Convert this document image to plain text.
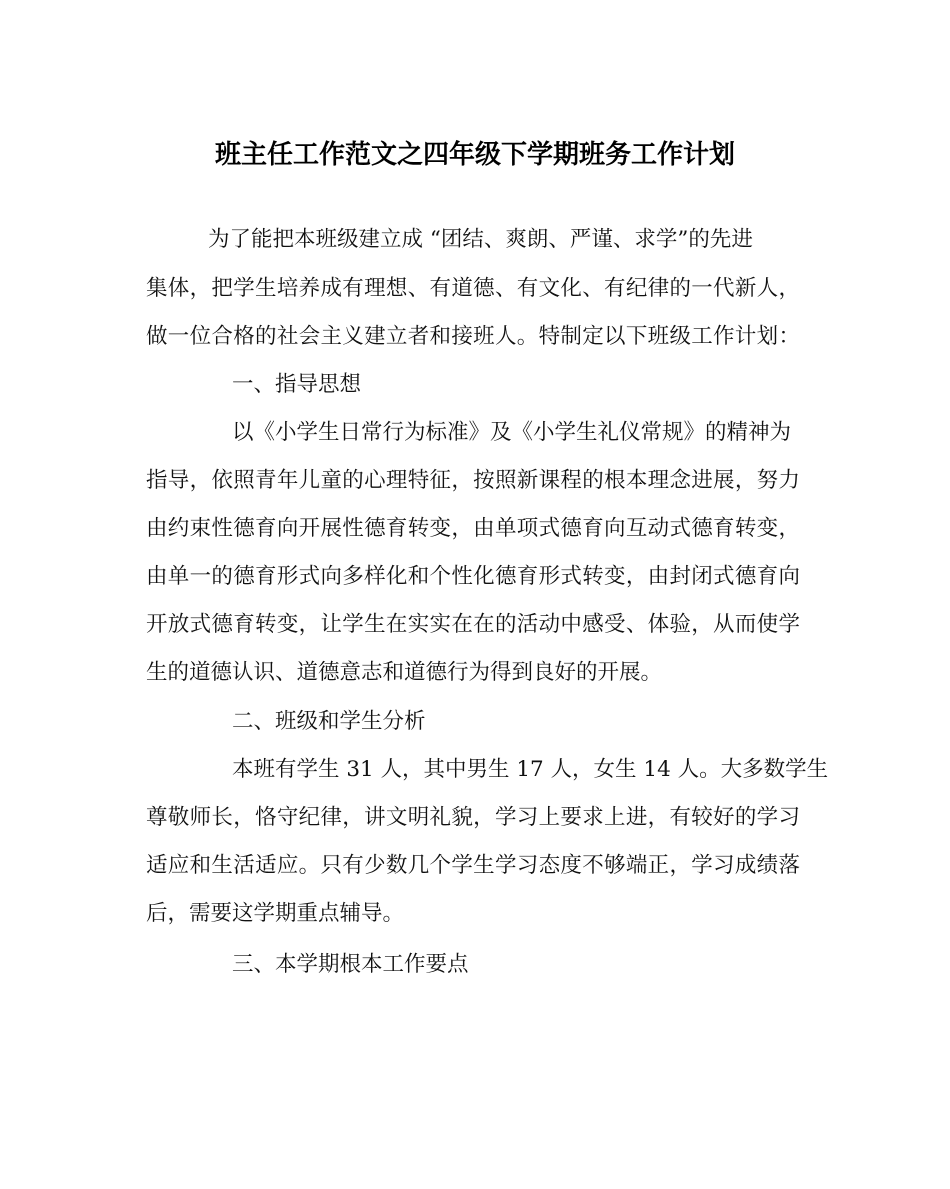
班主任工作范文之四年级下学期班务工作计划

为了能把本班级建立成 “团结、爽朗、严谨、求学”的先进

集体，把学生培养成有理想、有道德、有文化、有纪律的一代新人，

做一位合格的社会主义建立者和接班人。特制定以下班级工作计划：

一、指导思想

以《小学生日常行为标准》及《小学生礼仪常规》的精神为

指导，依照青年儿童的心理特征，按照新课程的根本理念进展，努力

由约束性德育向开展性德育转变，由单项式德育向互动式德育转变，

由单一的德育形式向多样化和个性化德育形式转变，由封闭式德育向

开放式德育转变，让学生在实实在在的活动中感受、体验，从而使学

生的道德认识、道德意志和道德行为得到良好的开展。

二、班级和学生分析

本班有学生 31 人，其中男生 17 人，女生 14 人。大多数学生

尊敬师长，恪守纪律，讲文明礼貌，学习上要求上进，有较好的学习

适应和生活适应。只有少数几个学生学习态度不够端正，学习成绩落

后，需要这学期重点辅导。

三、本学期根本工作要点
